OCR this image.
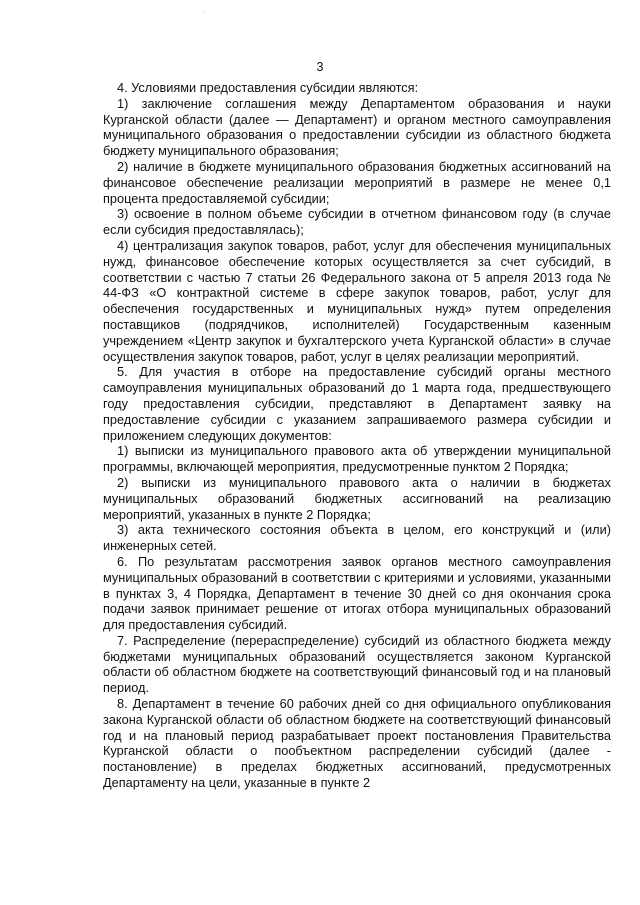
3

4. Условиями предоставления субсидии являются:

1) заключение соглашения между Департаментом образования и науки Курганской области (далее — Департамент) и органом местного самоуправления муниципального образования о предоставлении субсидии из областного бюджета бюджету муниципального образования;

2) наличие в бюджете муниципального образования бюджетных ассигнований на финансовое обеспечение реализации мероприятий в размере не менее 0,1 процента предоставляемой субсидии;

3) освоение в полном объеме субсидии в отчетном финансовом году (в случае если субсидия предоставлялась);

4) централизация закупок товаров, работ, услуг для обеспечения муниципальных нужд, финансовое обеспечение которых осуществляется за счет субсидий, в соответствии с частью 7 статьи 26 Федерального закона от 5 апреля 2013 года № 44-ФЗ «О контрактной системе в сфере закупок товаров, работ, услуг для обеспечения государственных и муниципальных нужд» путем определения поставщиков (подрядчиков, исполнителей) Государственным казенным учреждением «Центр закупок и бухгалтерского учета Курганской области» в случае осуществления закупок товаров, работ, услуг в целях реализации мероприятий.

5. Для участия в отборе на предоставление субсидий органы местного самоуправления муниципальных образований до 1 марта года, предшествующего году предоставления субсидии, представляют в Департамент заявку на предоставление субсидии с указанием запрашиваемого размера субсидии и приложением следующих документов:

1) выписки из муниципального правового акта об утверждении муниципальной программы, включающей мероприятия, предусмотренные пунктом 2 Порядка;

2) выписки из муниципального правового акта о наличии в бюджетах муниципальных образований бюджетных ассигнований на реализацию мероприятий, указанных в пункте 2 Порядка;

3) акта технического состояния объекта в целом, его конструкций и (или) инженерных сетей.

6. По результатам рассмотрения заявок органов местного самоуправления муниципальных образований в соответствии с критериями и условиями, указанными в пунктах 3, 4 Порядка, Департамент в течение 30 дней со дня окончания срока подачи заявок принимает решение от итогах отбора муниципальных образований для предоставления субсидий.

7. Распределение (перераспределение) субсидий из областного бюджета между бюджетами муниципальных образований осуществляется законом Курганской области об областном бюджете на соответствующий финансовый год и на плановый период.

8. Департамент в течение 60 рабочих дней со дня официального опубликования закона Курганской области об областном бюджете на соответствующий финансовый год и на плановый период разрабатывает проект постановления Правительства Курганской области о пообъектном распределении субсидий (далее - постановление) в пределах бюджетных ассигнований, предусмотренных Департаменту на цели, указанные в пункте 2
